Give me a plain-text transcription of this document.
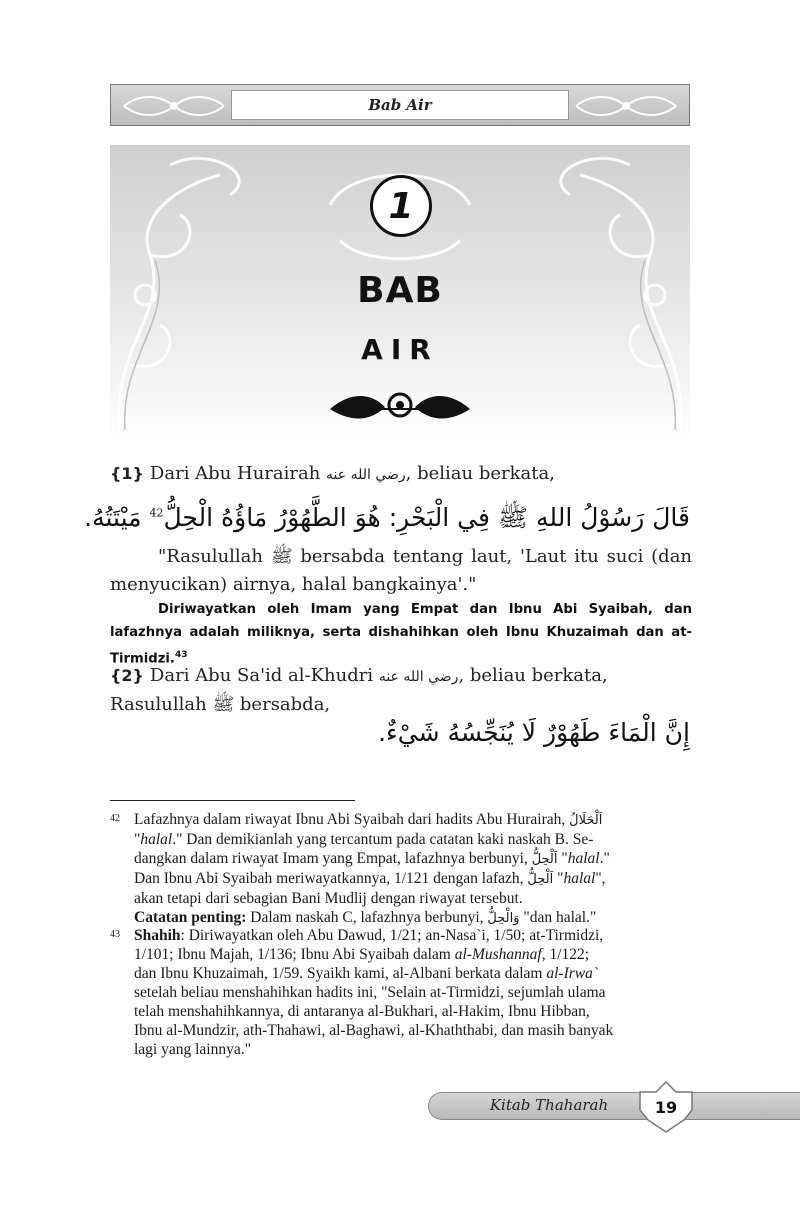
Bab Air
1
BAB
AIR
{1} Dari Abu Hurairah رضي الله عنه, beliau berkata,
قَالَ رَسُوْلُ اللهِ ﷺ فِي الْبَحْرِ: هُوَ الطَّهُوْرُ مَاؤُهُ الْحِلُّ$^{42}$ مَيْتَتُهُ.
"Rasulullah ﷺ bersabda tentang laut, 'Laut itu suci (dan menyucikan) airnya, halal bangkainya'."
Diriwayatkan oleh Imam yang Empat dan Ibnu Abi Syaibah, dan lafazhnya adalah miliknya, serta dishahihkan oleh Ibnu Khuzaimah dan at-Tirmidzi.$^{43}$
{2} Dari Abu Sa'id al-Khudri رضي الله عنه, beliau berkata, Rasulullah ﷺ bersabda,
إِنَّ الْمَاءَ طَهُوْرٌ لَا يُنَجِّسُهُ شَيْءٌ.
42 Lafazhnya dalam riwayat Ibnu Abi Syaibah dari hadits Abu Hurairah, اَلْحَلَالُ
"halal." Dan demikianlah yang tercantum pada catatan kaki naskah B. Se-
dangkan dalam riwayat Imam yang Empat, lafazhnya berbunyi, اَلْحِلُّ "halal."
Dan Ibnu Abi Syaibah meriwayatkannya, 1/121 dengan lafazh, اَلْحِلُّ "halal",
akan tetapi dari sebagian Bani Mudlij dengan riwayat tersebut.
Catatan penting: Dalam naskah C, lafazhnya berbunyi, وَالْحِلُّ "dan halal."
43 Shahih: Diriwayatkan oleh Abu Dawud, 1/21; an-Nasa`i, 1/50; at-Tirmidzi,
1/101; Ibnu Majah, 1/136; Ibnu Abi Syaibah dalam al-Mushannaf, 1/122;
dan Ibnu Khuzaimah, 1/59. Syaikh kami, al-Albani berkata dalam al-Irwa`
setelah beliau menshahihkan hadits ini, "Selain at-Tirmidzi, sejumlah ulama
telah menshahihkannya, di antaranya al-Bukhari, al-Hakim, Ibnu Hibban,
Ibnu al-Mundzir, ath-Thahawi, al-Baghawi, al-Khaththabi, dan masih banyak
lagi yang lainnya."
Kitab Thaharah	19
